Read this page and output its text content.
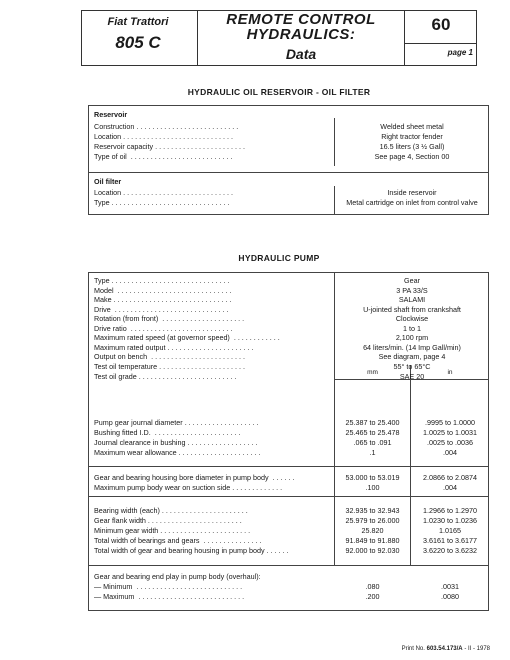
Fiat Trattori
805 C
REMOTE CONTROL
HYDRAULICS:
Data
60
page 1
HYDRAULIC OIL RESERVOIR - OIL FILTER
Reservoir
Construction . . . . . . . . . . . . . . . . . . . . . . . . . .	Welded sheet metal
Location . . . . . . . . . . . . . . . . . . . . . . . . . . . .	Right tractor fender
Reservoir capacity . . . . . . . . . . . . . . . . . . . . . . .	16.5 liters (3 ½ Gall)
Type of oil  . . . . . . . . . . . . . . . . . . . . . . . . . .	See page 4, Section 00
Oil filter
Location . . . . . . . . . . . . . . . . . . . . . . . . . . . .	Inside reservoir
Type . . . . . . . . . . . . . . . . . . . . . . . . . . . . . .	Metal cartridge on inlet from control valve
HYDRAULIC PUMP
mm	in
Type . . . . . . . . . . . . . . . . . . . . . . . . . . . . . .	Gear
Model  . . . . . . . . . . . . . . . . . . . . . . . . . . . . .	3 PA 33/S
Make . . . . . . . . . . . . . . . . . . . . . . . . . . . . . .	SALAMI
Drive  . . . . . . . . . . . . . . . . . . . . . . . . . . . . .	U-jointed shaft from crankshaft
Rotation (from front)  . . . . . . . . . . . . . . . . . . . . .	Clockwise
Drive ratio  . . . . . . . . . . . . . . . . . . . . . . . . . .	1 to 1
Maximum rated speed (at governor speed)  . . . . . . . . . . . .	2,100 rpm
Maximum rated output . . . . . . . . . . . . . . . . . . . . . .	64 liters/min. (14 Imp Gall/min)
Output on bench  . . . . . . . . . . . . . . . . . . . . . . . .	See diagram, page 4
Test oil temperature . . . . . . . . . . . . . . . . . . . . . .	55° to 65°C
Test oil grade . . . . . . . . . . . . . . . . . . . . . . . . .	SAE 20
Pump gear journal diameter . . . . . . . . . . . . . . . . . . .	25.387 to 25.400	.9995 to 1.0000
Bushing fitted I.D.  . . . . . . . . . . . . . . . . . . . . . .	25.465 to 25.478	1.0025 to 1.0031
Journal clearance in bushing . . . . . . . . . . . . . . . . . .	.065 to .091	.0025 to .0036
Maximum wear allowance . . . . . . . . . . . . . . . . . . . . .	.1	.004
Gear and bearing housing bore diameter in pump body  . . . . . .	53.000 to 53.019	2.0866 to 2.0874
Maximum pump body wear on suction side . . . . . . . . . . . . .	.100	.004
Bearing width (each) . . . . . . . . . . . . . . . . . . . . . .	32.935 to 32.943	1.2966 to 1.2970
Gear flank width . . . . . . . . . . . . . . . . . . . . . . . .	25.979 to 26.000	1.0230 to 1.0236
Minimum gear width . . . . . . . . . . . . . . . . . . . . . . .	25.820	1.0165
Total width of bearings and gears  . . . . . . . . . . . . . . .	91.849 to 91.880	3.6161 to 3.6177
Total width of gear and bearing housing in pump body . . . . . .	92.000 to 92.030	3.6220 to 3.6232
Gear and bearing end play in pump body (overhaul):
— Minimum  . . . . . . . . . . . . . . . . . . . . . . . . . . .	.080	.0031
— Maximum  . . . . . . . . . . . . . . . . . . . . . . . . . . .	.200	.0080
Print No. 603.54.173/A - II - 1978
